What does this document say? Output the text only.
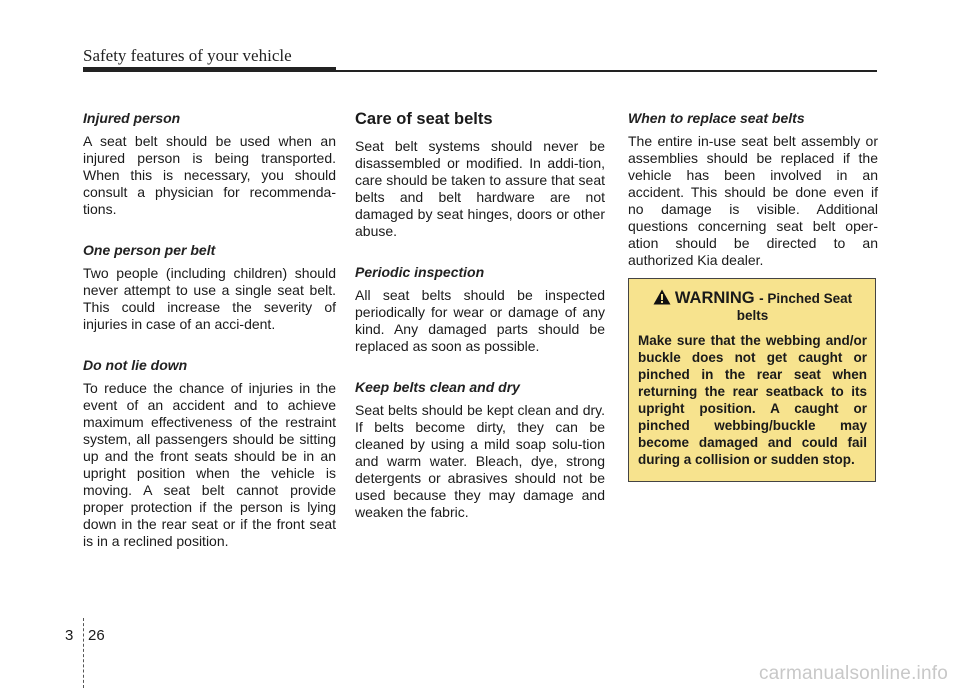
Safety features of your vehicle
Injured person

A seat belt should be used when an injured person is being transported. When this is necessary, you should consult a physician for recommenda-tions.

One person per belt

Two people (including children) should never attempt to use a single seat belt. This could increase the severity of injuries in case of an acci-dent.

Do not lie down

To reduce the chance of injuries in the event of an accident and to achieve maximum effectiveness of the restraint system, all passengers should be sitting up and the front seats should be in an upright position when the vehicle is moving. A seat belt cannot provide proper protection if the person is lying down in the rear seat or if the front seat is in a reclined position.

Care of seat belts

Seat belt systems should never be disassembled or modified. In addi-tion, care should be taken to assure that seat belts and belt hardware are not damaged by seat hinges, doors or other abuse.

Periodic inspection

All seat belts should be inspected periodically for wear or damage of any kind. Any damaged parts should be replaced as soon as possible.

Keep belts clean and dry

Seat belts should be kept clean and dry. If belts become dirty, they can be cleaned by using a mild soap solu-tion and warm water. Bleach, dye, strong detergents or abrasives should not be used because they may damage and weaken the fabric.

When to replace seat belts

The entire in-use seat belt assembly or assemblies should be replaced if the vehicle has been involved in an accident. This should be done even if no damage is visible. Additional questions concerning seat belt oper-ation should be directed to an authorized Kia dealer.

WARNING - Pinched Seat belts

Make sure that the webbing and/or buckle does not get caught or pinched in the rear seat when returning the rear seatback to its upright position. A caught or pinched webbing/buckle may become damaged and could fail during a collision or sudden stop.

3 26
carmanualsonline.info
